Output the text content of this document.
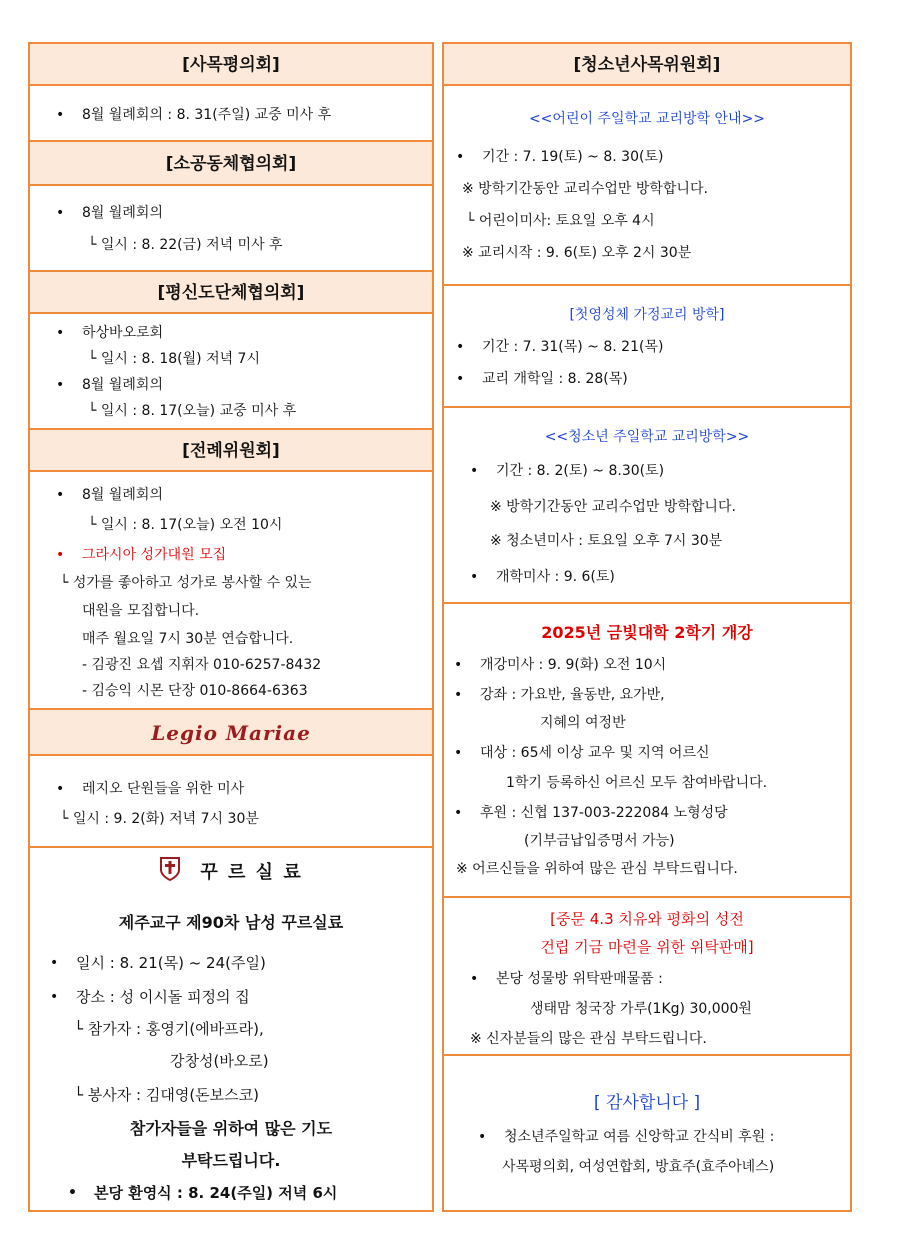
[사목평의회]
• 8월 월례회의 : 8. 31(주일) 교중 미사 후
[소공동체협의회]
• 8월 월례회의
└ 일시 : 8. 22(금) 저녁 미사 후
[평신도단체협의회]
• 하상바오로회
└ 일시 : 8. 18(월) 저녁 7시
• 8월 월례회의
└ 일시 : 8. 17(오늘) 교중 미사 후
[전례위원회]
• 8월 월례회의
└ 일시 : 8. 17(오늘) 오전 10시
• 그라시아 성가대원 모집
└ 성가를 좋아하고 성가로 봉사할 수 있는
대원을 모집합니다.
매주 월요일 7시 30분 연습합니다.
- 김광진 요셉 지휘자 010-6257-8432
- 김승익 시몬 단장 010-8664-6363
Legio Mariae
• 레지오 단원들을 위한 미사
└ 일시 : 9. 2(화) 저녁 7시 30분
꾸 르 실 료
제주교구 제90차 남성 꾸르실료
• 일시 : 8. 21(목) ~ 24(주일)
• 장소 : 성 이시돌 피정의 집
└ 참가자 : 홍영기(에바프라),
강창성(바오로)
└ 봉사자 : 김대영(돈보스코)
참가자들을 위하여 많은 기도
부탁드립니다.
• 본당 환영식 : 8. 24(주일) 저녁 6시
[청소년사목위원회]
<<어린이 주일학교 교리방학 안내>>
• 기간 : 7. 19(토) ~ 8. 30(토)
※ 방학기간동안 교리수업만 방학합니다.
└ 어린이미사: 토요일 오후 4시
※ 교리시작 : 9. 6(토) 오후 2시 30분
[첫영성체 가정교리 방학]
• 기간 : 7. 31(목) ~ 8. 21(목)
• 교리 개학일 : 8. 28(목)
<<청소년 주일학교 교리방학>>
• 기간 : 8. 2(토) ~ 8.30(토)
※ 방학기간동안 교리수업만 방학합니다.
※ 청소년미사 : 토요일 오후 7시 30분
• 개학미사 : 9. 6(토)
2025년 금빛대학 2학기 개강
• 개강미사 : 9. 9(화) 오전 10시
• 강좌 : 가요반, 율동반, 요가반,
지혜의 여정반
• 대상 : 65세 이상 교우 및 지역 어르신
1학기 등록하신 어르신 모두 참여바랍니다.
• 후원 : 신협 137-003-222084 노형성당
(기부금납입증명서 가능)
※ 어르신들을 위하여 많은 관심 부탁드립니다.
[중문 4.3 치유와 평화의 성전
건립 기금 마련을 위한 위탁판매]
• 본당 성물방 위탁판매물품 :
생태맘 청국장 가루(1Kg) 30,000원
※ 신자분들의 많은 관심 부탁드립니다.
[ 감사합니다 ]
• 청소년주일학교 여름 신앙학교 간식비 후원 :
사목평의회, 여성연합회, 방효주(효주아녜스)
